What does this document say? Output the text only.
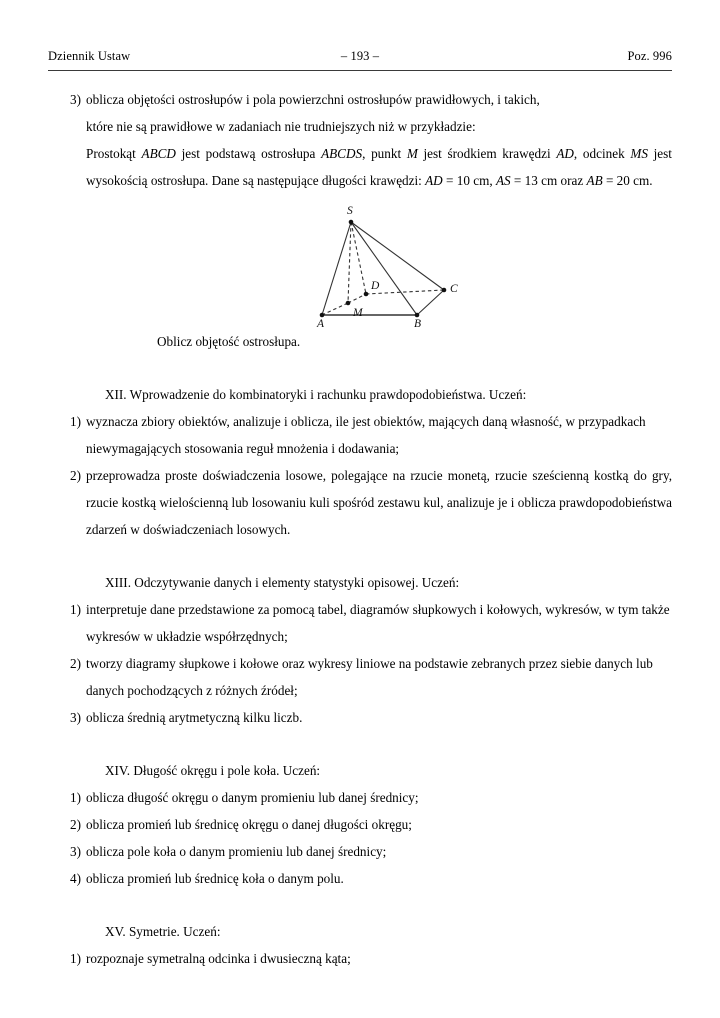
Dziennik Ustaw	– 193 –	Poz. 996
3) oblicza objętości ostrosłupów i pola powierzchni ostrosłupów prawidłowych, i takich,
które nie są prawidłowe w zadaniach nie trudniejszych niż w przykładzie:
Prostokąt ABCD jest podstawą ostrosłupa ABCDS, punkt M jest środkiem krawędzi AD, odcinek MS jest wysokością ostrosłupa. Dane są następujące długości krawędzi: AD = 10 cm, AS = 13 cm oraz AB = 20 cm.
S
D	C
A
M
B
Oblicz objętość ostrosłupa.
XII. Wprowadzenie do kombinatoryki i rachunku prawdopodobieństwa. Uczeń:
1) wyznacza zbiory obiektów, analizuje i oblicza, ile jest obiektów, mających daną własność, w przypadkach niewymagających stosowania reguł mnożenia i dodawania;
2) przeprowadza proste doświadczenia losowe, polegające na rzucie monetą, rzucie sześcienną kostką do gry, rzucie kostką wielościenną lub losowaniu kuli spośród zestawu kul, analizuje je i oblicza prawdopodobieństwa zdarzeń w doświadczeniach losowych.
XIII. Odczytywanie danych i elementy statystyki opisowej. Uczeń:
1) interpretuje dane przedstawione za pomocą tabel, diagramów słupkowych i kołowych, wykresów, w tym także wykresów w układzie współrzędnych;
2) tworzy diagramy słupkowe i kołowe oraz wykresy liniowe na podstawie zebranych przez siebie danych lub danych pochodzących z różnych źródeł;
3) oblicza średnią arytmetyczną kilku liczb.
XIV. Długość okręgu i pole koła. Uczeń:
1) oblicza długość okręgu o danym promieniu lub danej średnicy;
2) oblicza promień lub średnicę okręgu o danej długości okręgu;
3) oblicza pole koła o danym promieniu lub danej średnicy;
4) oblicza promień lub średnicę koła o danym polu.
XV. Symetrie. Uczeń:
1) rozpoznaje symetralną odcinka i dwusieczną kąta;
